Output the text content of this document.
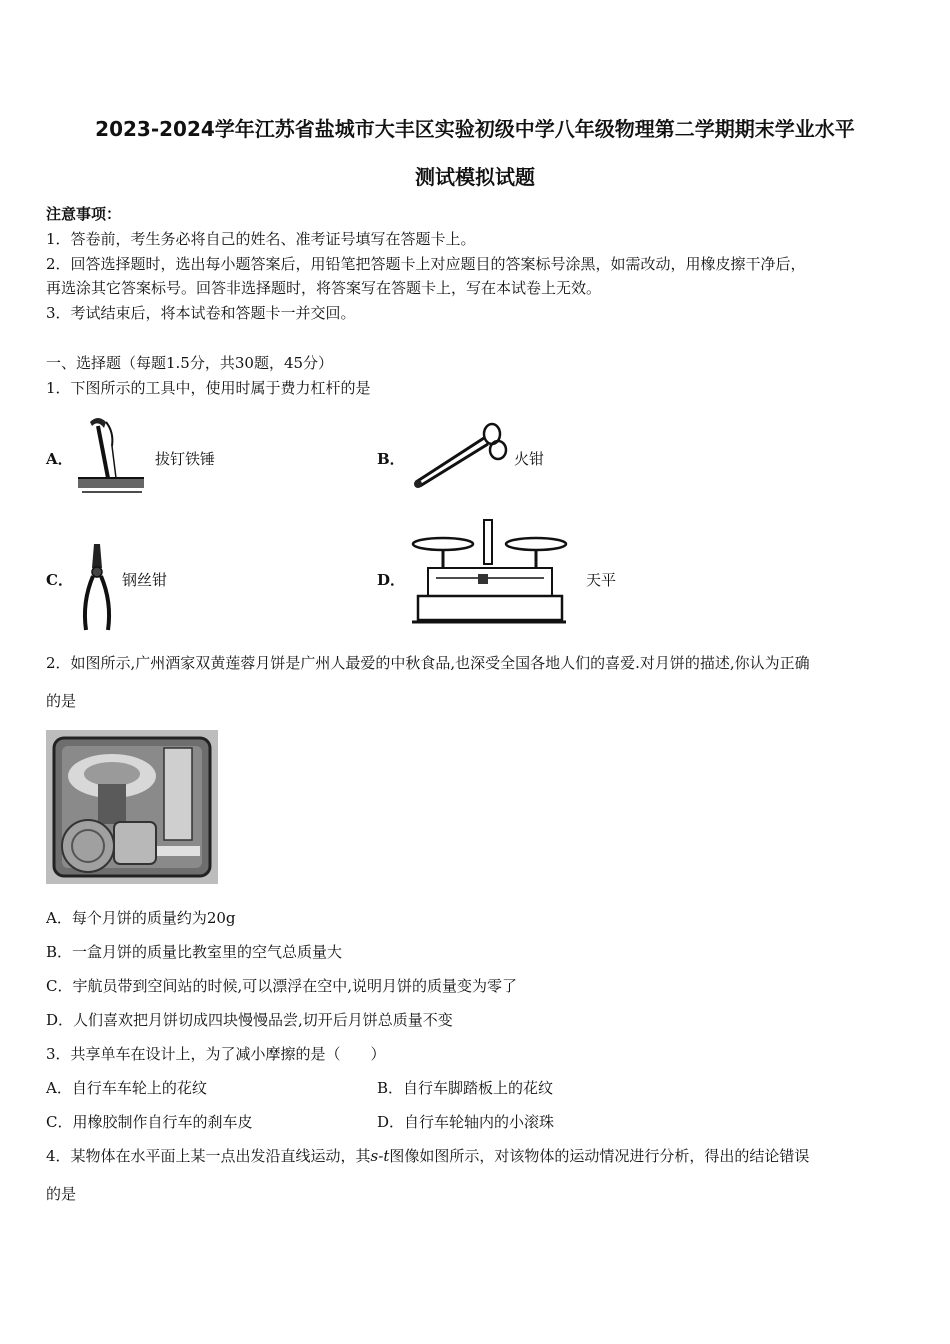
2023-2024学年江苏省盐城市大丰区实验初级中学八年级物理第二学期期末学业水平
测试模拟试题
注意事项：
1．答卷前，考生务必将自己的姓名、准考证号填写在答题卡上。
2．回答选择题时，选出每小题答案后，用铅笔把答题卡上对应题目的答案标号涂黑，如需改动，用橡皮擦干净后，
再选涂其它答案标号。回答非选择题时，将答案写在答题卡上，写在本试卷上无效。
3．考试结束后，将本试卷和答题卡一并交回。
一、选择题（每题1.5分，共30题，45分）
1．下图所示的工具中，使用时属于费力杠杆的是
A．	拔钉铁锤	B．	火钳
C．	钢丝钳	D．	天平
2．如图所示,广州酒家双黄莲蓉月饼是广州人最爱的中秋食品,也深受全国各地人们的喜爱.对月饼的描述,你认为正确
的是
A．每个月饼的质量约为20g
B．一盒月饼的质量比教室里的空气总质量大
C．宇航员带到空间站的时候,可以漂浮在空中,说明月饼的质量变为零了
D．人们喜欢把月饼切成四块慢慢品尝,切开后月饼总质量不变
3．共享单车在设计上，为了减小摩擦的是（　　）
A．自行车车轮上的花纹	B．自行车脚踏板上的花纹
C．用橡胶制作自行车的刹车皮	D．自行车轮轴内的小滚珠
4．某物体在水平面上某一点出发沿直线运动，其s-t图像如图所示，对该物体的运动情况进行分析，得出的结论错误
的是
